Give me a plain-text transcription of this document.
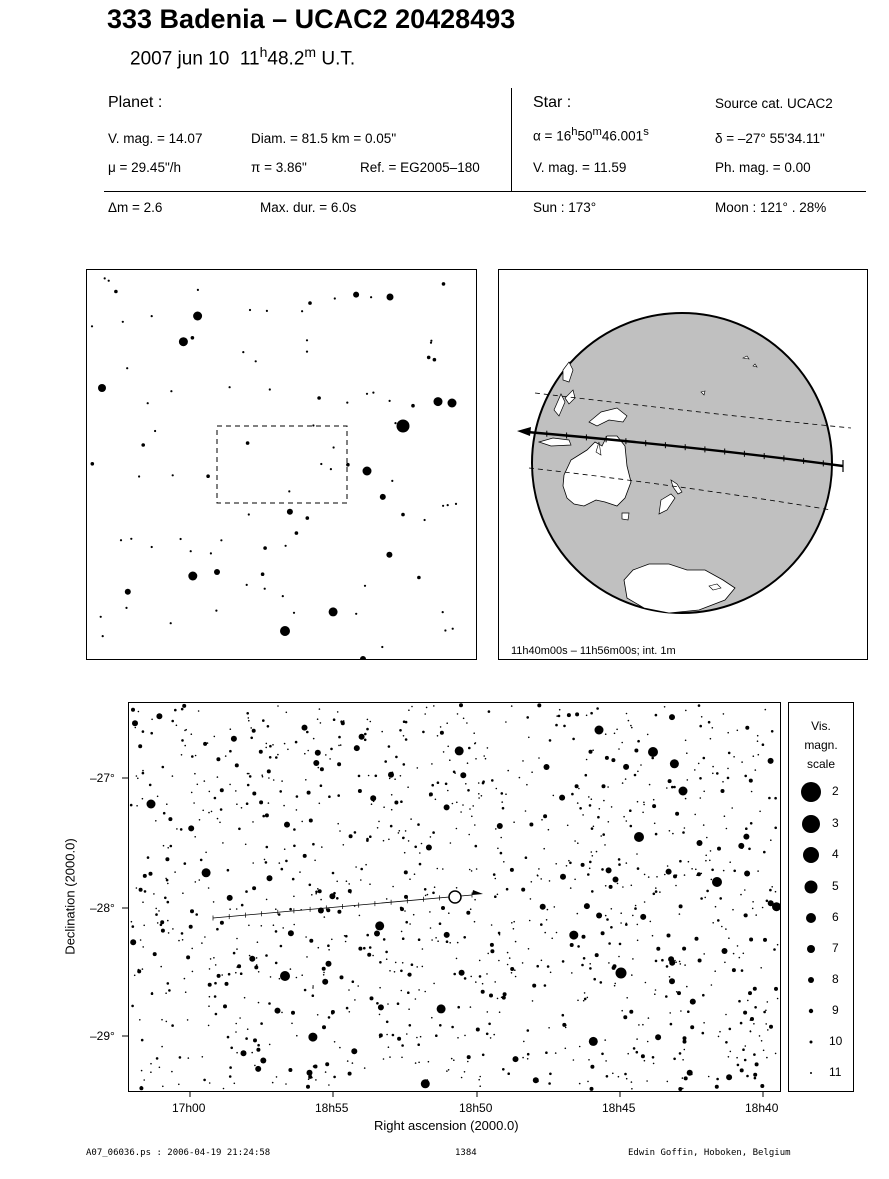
333 Badenia – UCAC2 20428493
2007 jun 10 11$^h$48.2$^m$ U.T.
Planet :
V. mag. = 14.07	Diam. = 81.5 km = 0.05"
μ = 29.45"/h	π = 3.86"	Ref. = EG2005–180
Star :	Source cat. UCAC2
$\alpha = 16^h50^m46.001^s$	δ = –27° 55'34.11"
V. mag. = 11.59	Ph. mag. = 0.00
Δm = 2.6	Max. dur. = 6.0s	Sun : 173°	Moon : 121° . 28%
11h40m00s – 11h56m00s; int. 1m
–27°
–28°
–29°
17h00	18h55	18h50	18h45	18h40
Right ascension (2000.0)
Declination (2000.0)
Vis.
magn.
scale
2
3
4
5
6
7
8
9
10
11
A07_06036.ps : 2006-04-19 21:24:58	1384	Edwin Goffin, Hoboken, Belgium
